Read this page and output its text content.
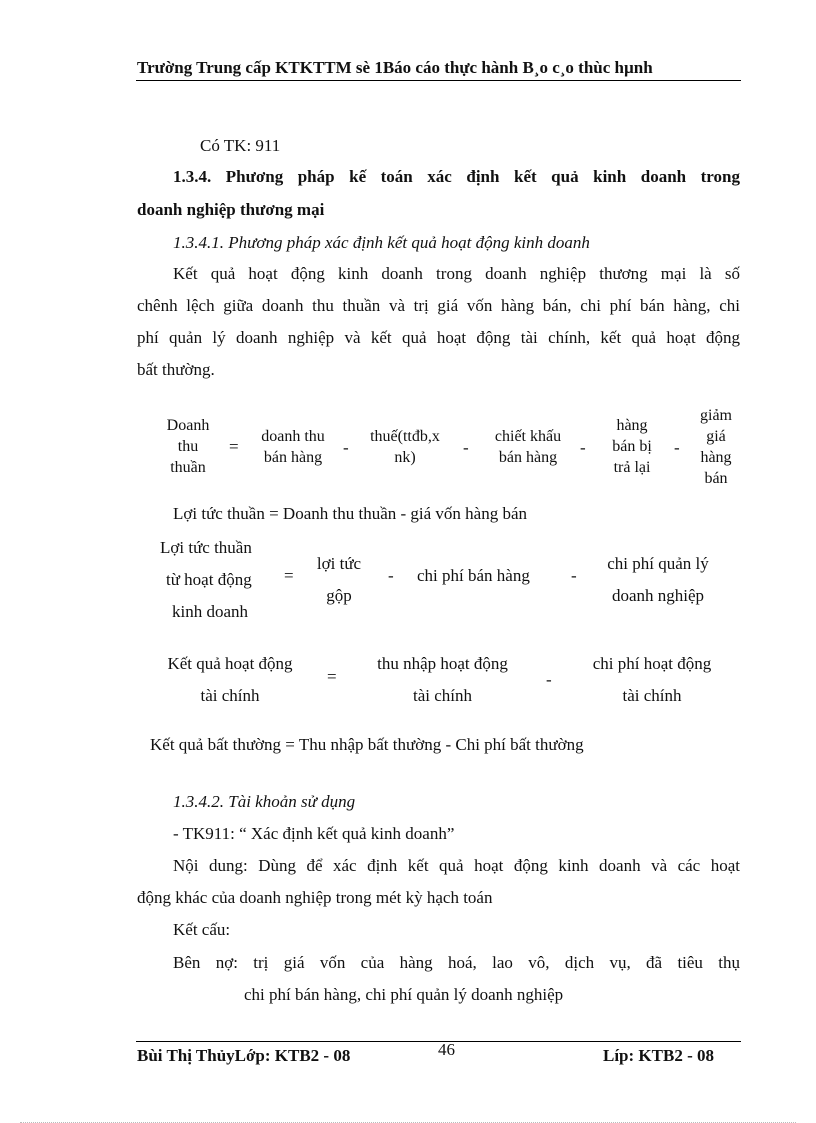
Trường Trung cấp KTKTTM sè 1Báo cáo thực hành B¸o c¸o thùc hµnh
Có TK: 911
1.3.4. Phương pháp kế toán xác định kết quả kinh doanh trong
doanh nghiệp thương mại
1.3.4.1. Phương pháp xác định kết quả hoạt động kinh doanh
Kết quả hoạt động kinh doanh trong doanh nghiệp thương mại là số
chênh lệch giữa doanh thu thuần và trị giá vốn hàng bán, chi phí bán hàng, chi
phí quản lý doanh nghiệp và kết quả hoạt động tài chính, kết quả hoạt động
bất thường.
Doanh
thu
thuần
=
doanh thu
bán hàng
-
thuế(ttđb,x
nk)
-
chiết khấu
bán hàng
-
hàng
bán bị
trả lại
-
giảm
giá
hàng
bán
Lợi tức thuần = Doanh thu thuần - giá vốn hàng bán
Lợi tức thuần
từ hoạt động
kinh doanh
=
lợi tức
gộp
- chi phí bán hàng -
chi phí quản lý
doanh nghiệp
Kết quả hoạt động
tài chính
=
thu nhập hoạt động
tài chính
-
chi phí hoạt động
tài chính
Kết quả bất thường = Thu nhập bất thường - Chi phí bất thường
1.3.4.2. Tài khoản sử dụng
- TK911: “ Xác định kết quả kinh doanh”
Nội dung: Dùng để xác định kết quả hoạt động kinh doanh và các hoạt
động khác của doanh nghiệp trong mét kỳ hạch toán
Kết cấu:
Bên nợ: trị giá vốn của hàng hoá, lao vô, dịch vụ, đã tiêu thụ
chi phí bán hàng, chi phí quản lý doanh nghiệp
Bùi Thị ThủyLớp: KTB2 - 08	46	Líp: KTB2 - 08
